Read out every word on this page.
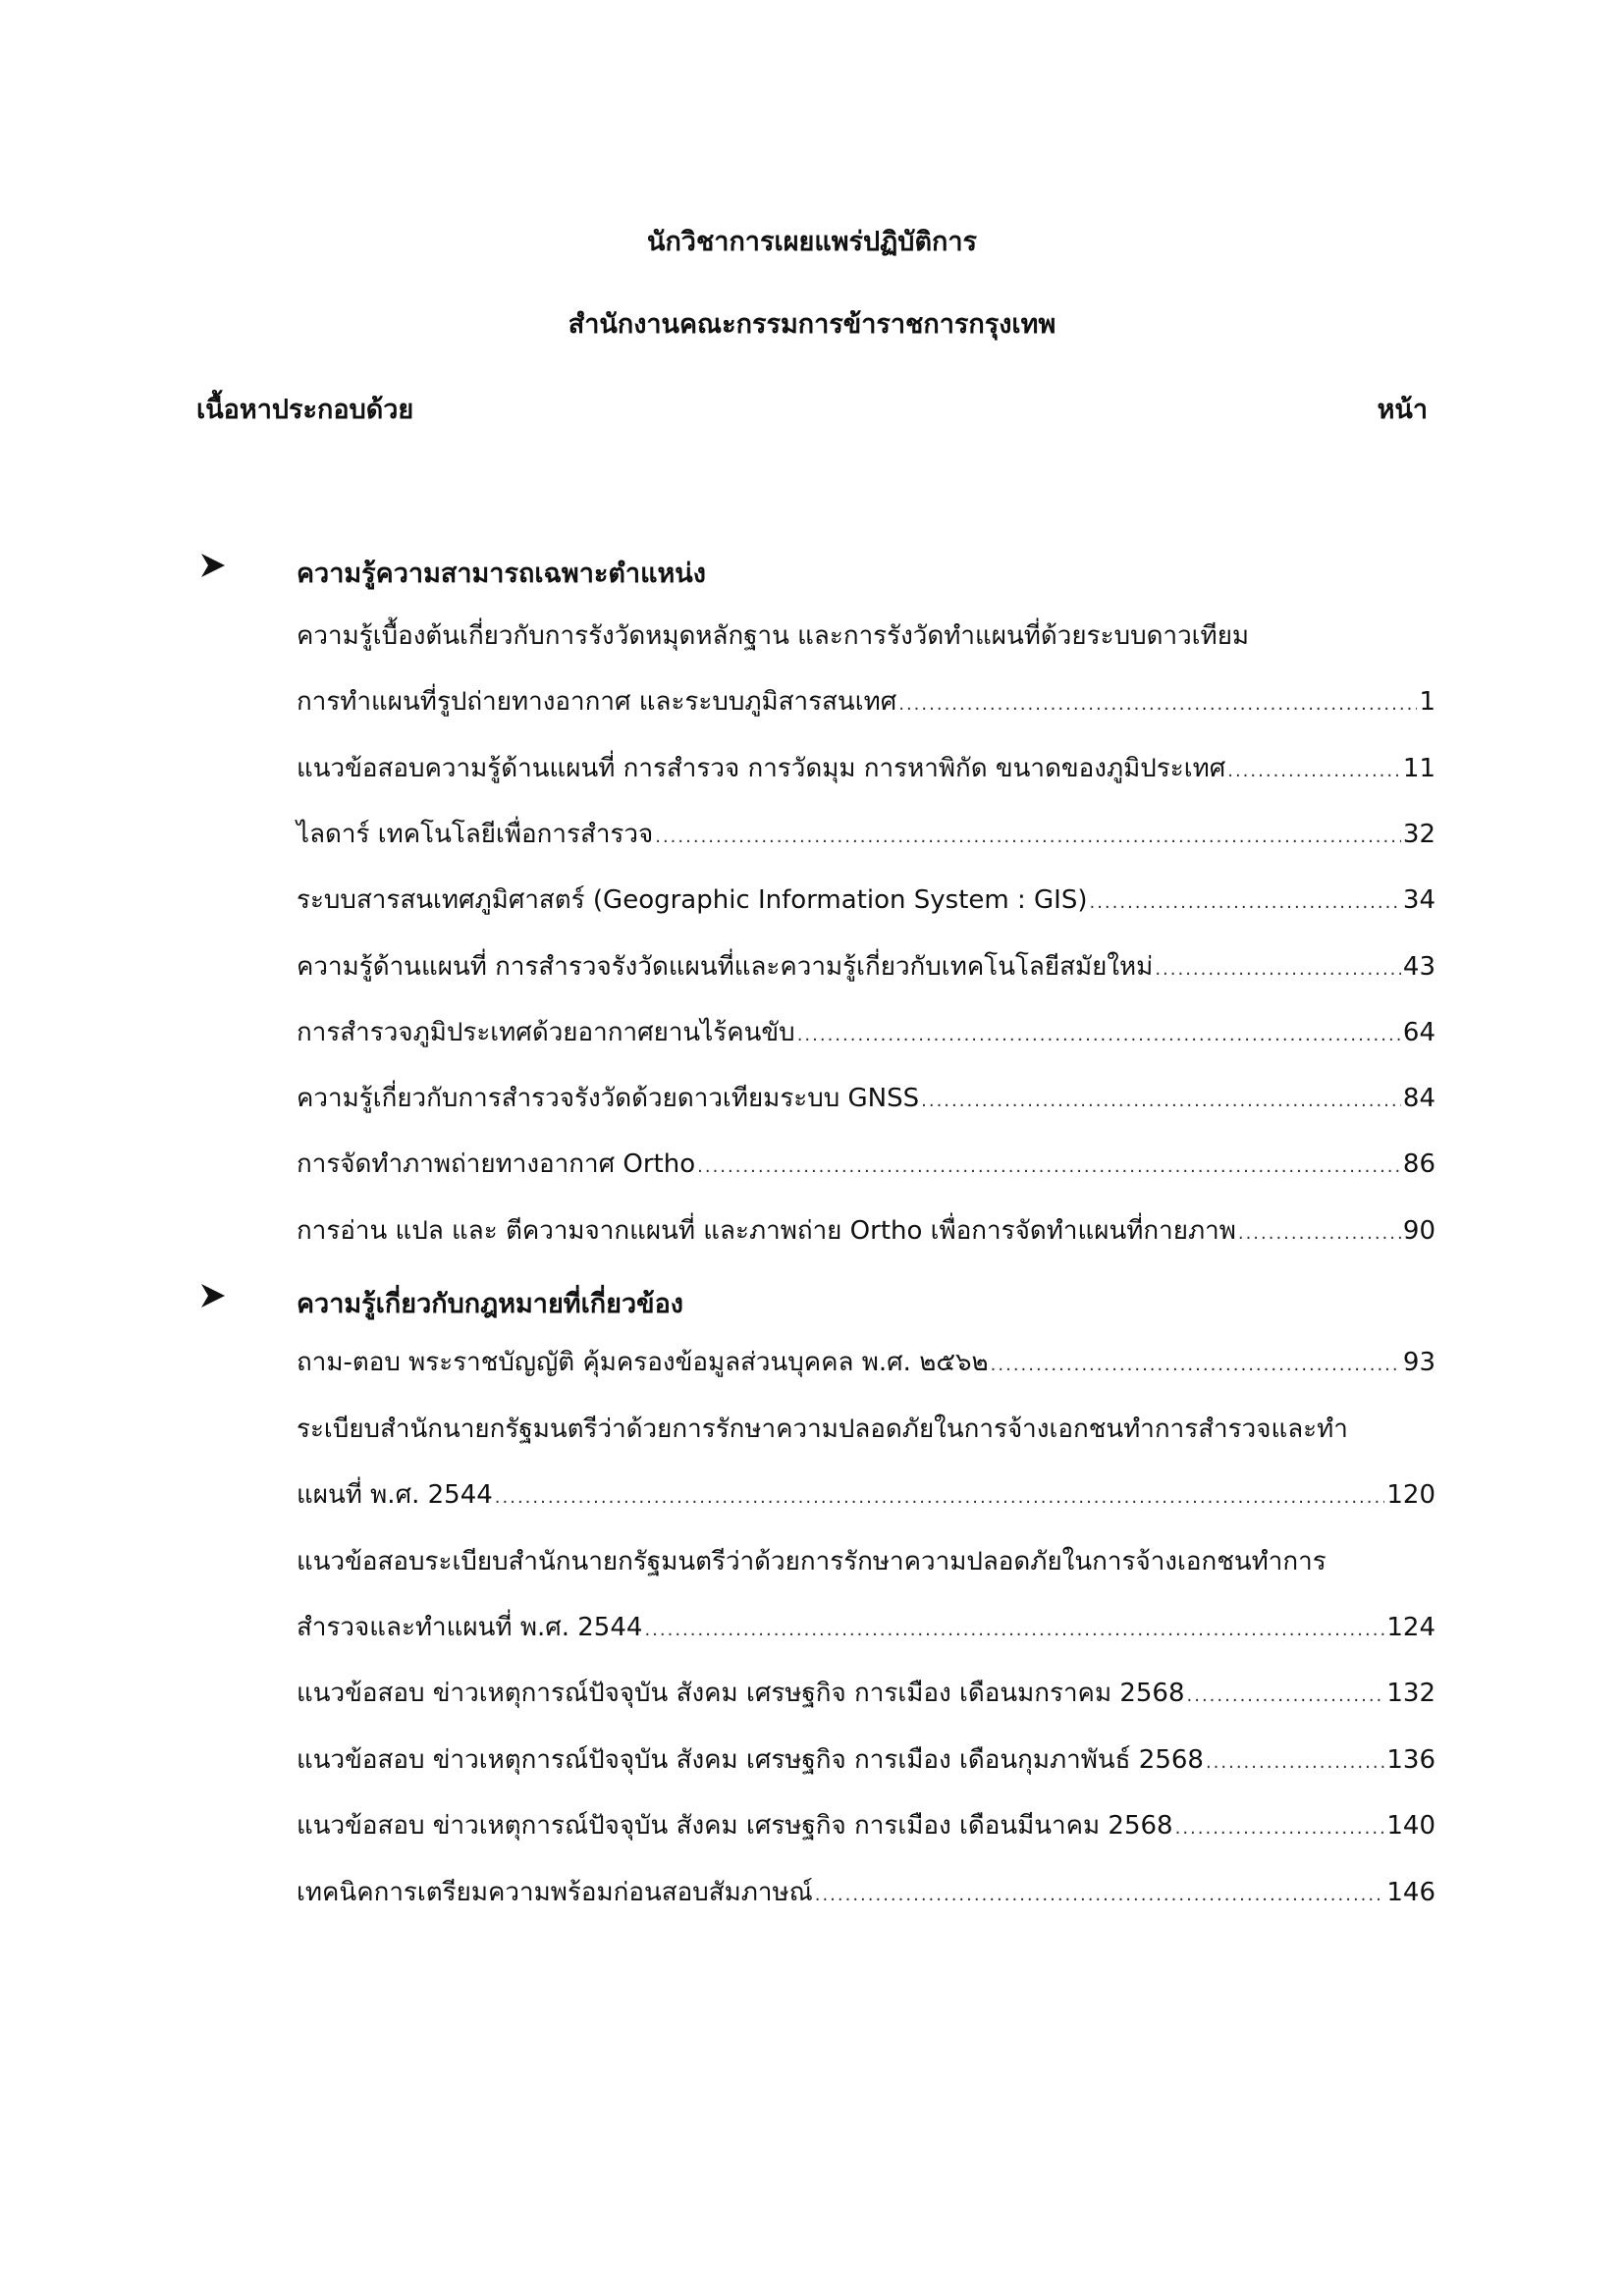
นักวิชาการเผยแพร่ปฏิบัติการ
สำนักงานคณะกรรมการข้าราชการกรุงเทพ
เนื้อหาประกอบด้วย	หน้า
ความรู้ความสามารถเฉพาะตำแหน่ง
ความรู้เบื้องต้นเกี่ยวกับการรังวัดหมุดหลักฐาน และการรังวัดทำแผนที่ด้วยระบบดาวเทียม
การทำแผนที่รูปถ่ายทางอากาศ และระบบภูมิสารสนเทศ .....	1
แนวข้อสอบความรู้ด้านแผนที่ การสำรวจ การวัดมุม การหาพิกัด ขนาดของภูมิประเทศ .....	11
ไลดาร์ เทคโนโลยีเพื่อการสำรวจ .....	32
ระบบสารสนเทศภูมิศาสตร์ (Geographic Information System : GIS) .....	34
ความรู้ด้านแผนที่ การสำรวจรังวัดแผนที่และความรู้เกี่ยวกับเทคโนโลยีสมัยใหม่ .....	43
การสำรวจภูมิประเทศด้วยอากาศยานไร้คนขับ .....	64
ความรู้เกี่ยวกับการสำรวจรังวัดด้วยดาวเทียมระบบ GNSS .....	84
การจัดทำภาพถ่ายทางอากาศ Ortho .....	86
การอ่าน แปล และ ตีความจากแผนที่ และภาพถ่าย Ortho เพื่อการจัดทำแผนที่กายภาพ .....	90
ความรู้เกี่ยวกับกฎหมายที่เกี่ยวข้อง
ถาม-ตอบ พระราชบัญญัติ คุ้มครองข้อมูลส่วนบุคคล พ.ศ. ๒๕๖๒ .....	93
ระเบียบสำนักนายกรัฐมนตรีว่าด้วยการรักษาความปลอดภัยในการจ้างเอกชนทำการสำรวจและทำ
แผนที่ พ.ศ. 2544 .....	120
แนวข้อสอบระเบียบสำนักนายกรัฐมนตรีว่าด้วยการรักษาความปลอดภัยในการจ้างเอกชนทำการ
สำรวจและทำแผนที่ พ.ศ. 2544 .....	124
แนวข้อสอบ ข่าวเหตุการณ์ปัจจุบัน สังคม เศรษฐกิจ การเมือง เดือนมกราคม 2568 .....	132
แนวข้อสอบ ข่าวเหตุการณ์ปัจจุบัน สังคม เศรษฐกิจ การเมือง เดือนกุมภาพันธ์ 2568 .....	136
แนวข้อสอบ ข่าวเหตุการณ์ปัจจุบัน สังคม เศรษฐกิจ การเมือง เดือนมีนาคม 2568 .....	140
เทคนิคการเตรียมความพร้อมก่อนสอบสัมภาษณ์ .....	146
